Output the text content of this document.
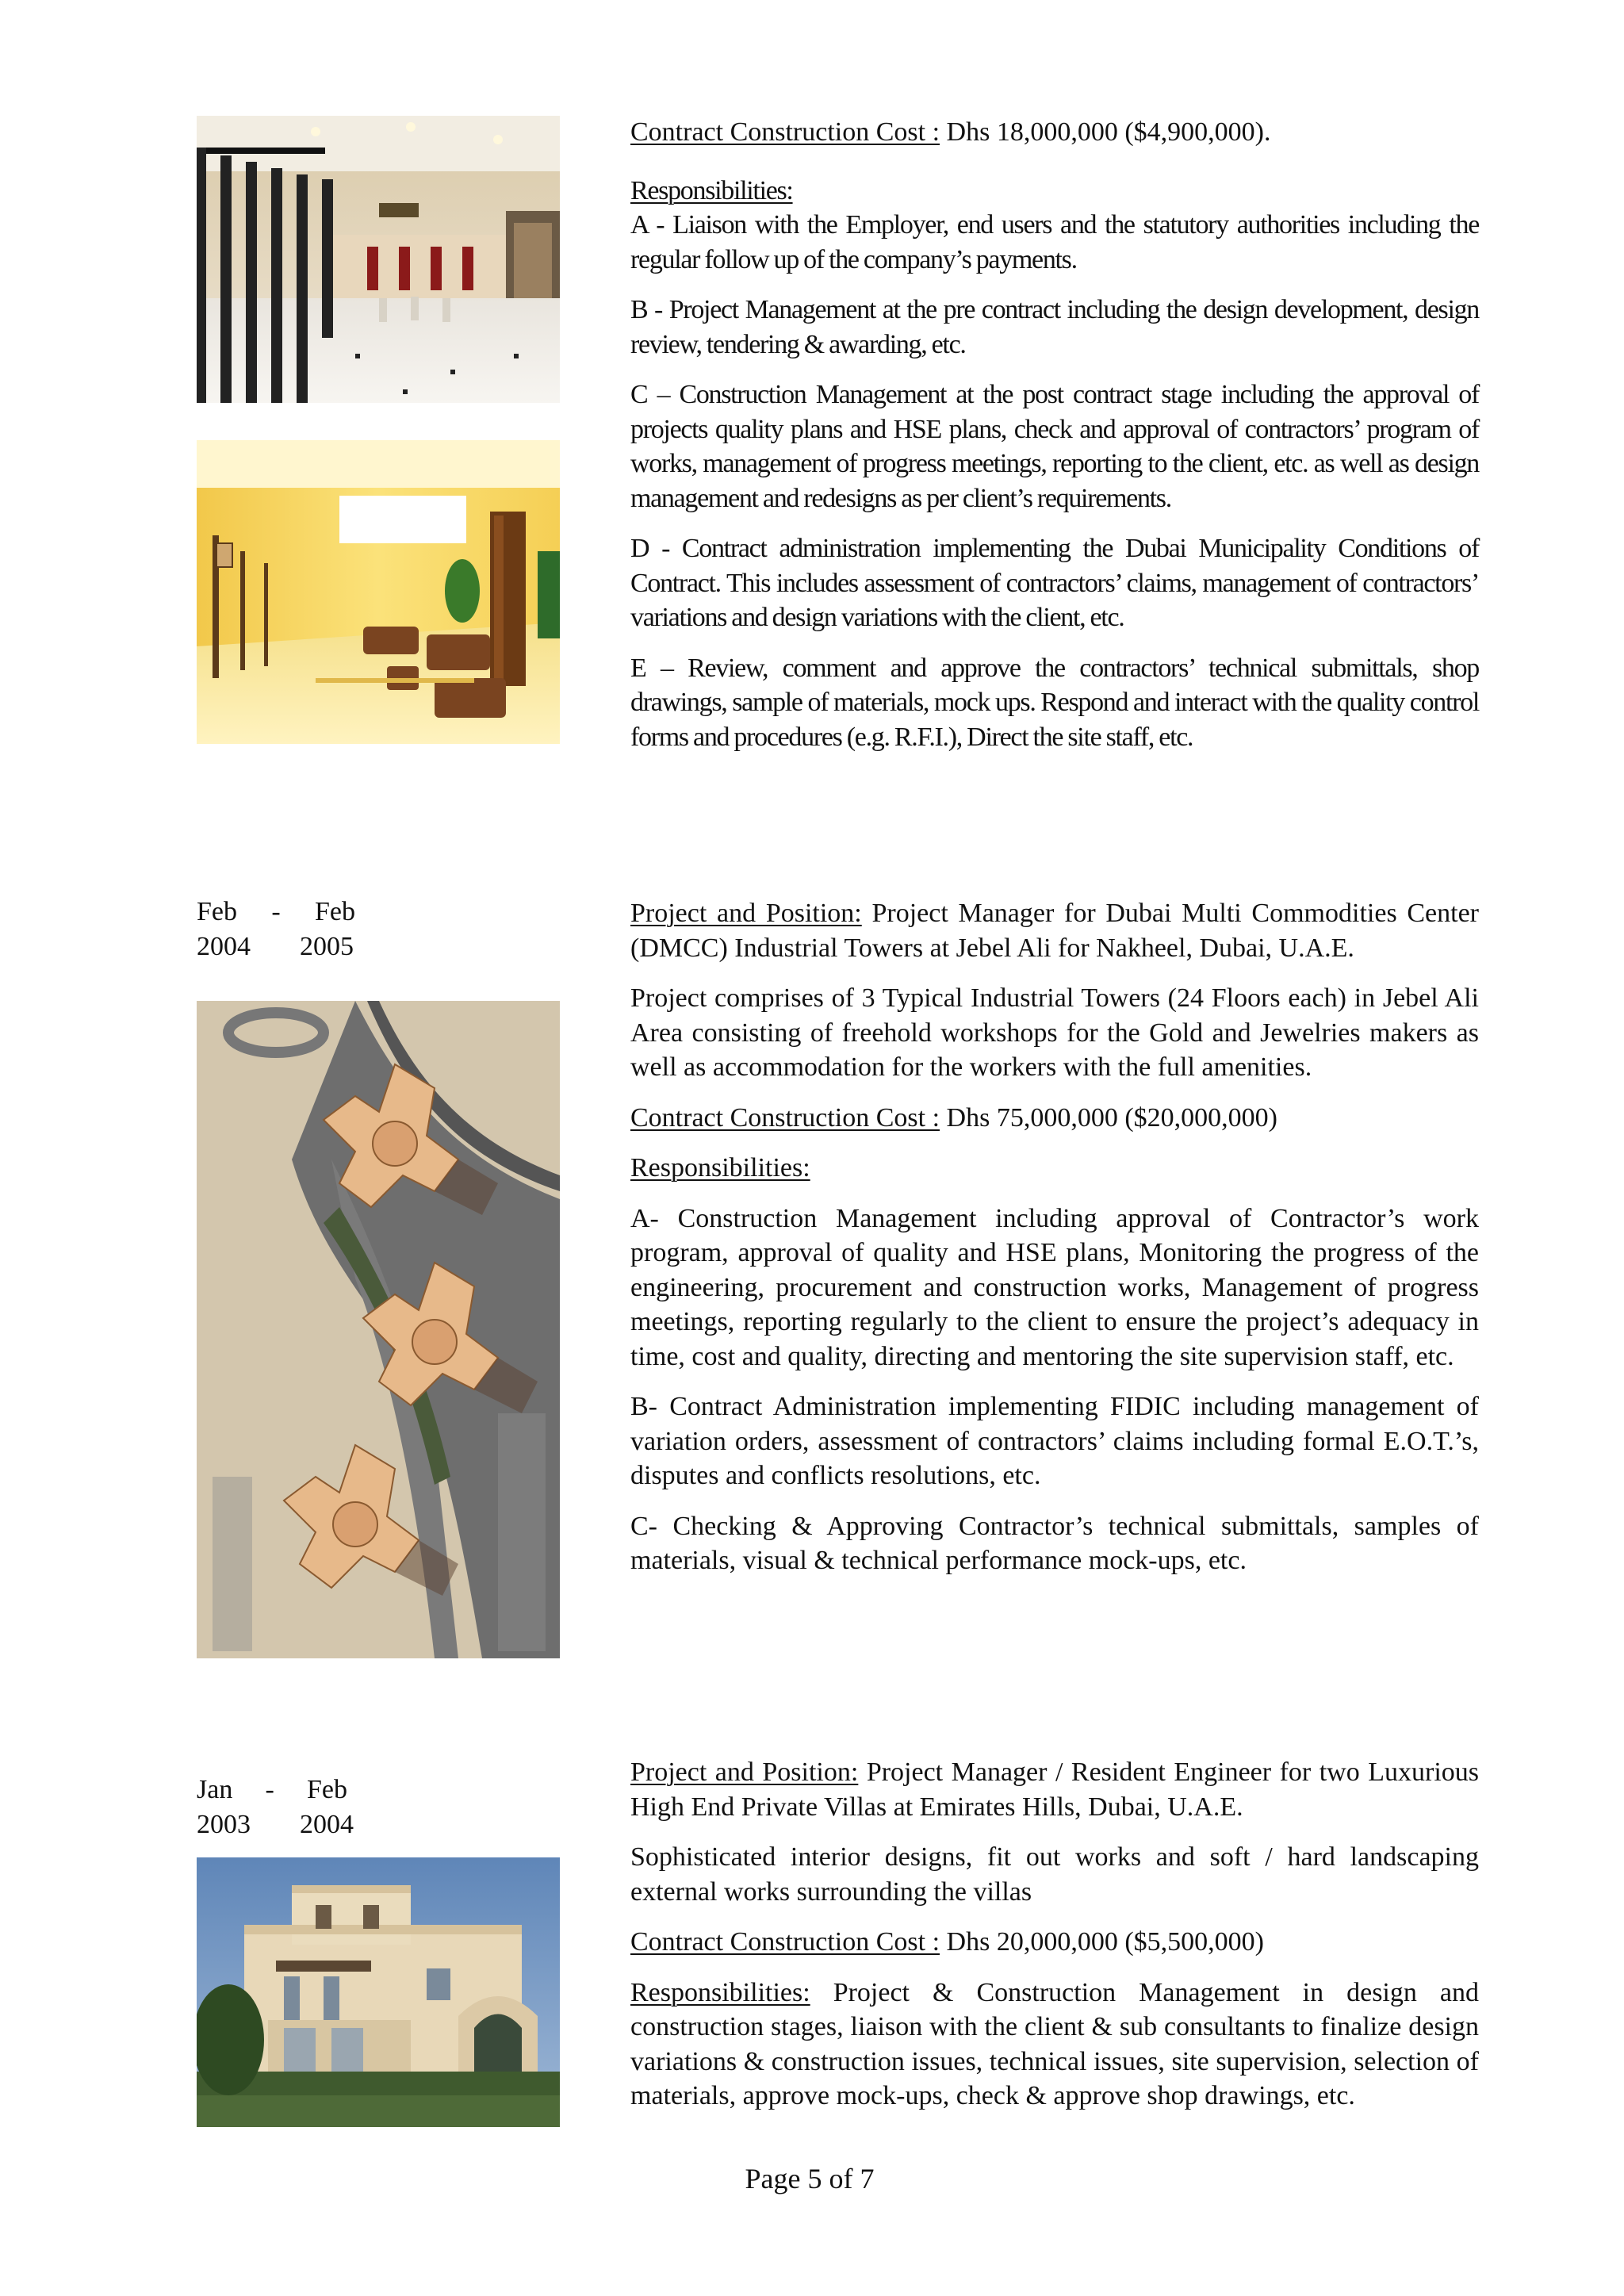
Contract Construction Cost : Dhs 18,000,000 ($4,900,000).

Responsibilities:

A - Liaison with the Employer, end users and the statutory authorities including the regular follow up of the company’s payments.

B - Project Management at the pre contract including the design development, design review, tendering & awarding, etc.

C – Construction Management at the post contract stage including the approval of projects quality plans and HSE plans, check and approval of contractors’ program of works, management of progress meetings, reporting to the client, etc. as well as design management and redesigns as per client’s requirements.

D - Contract administration implementing the Dubai Municipality Conditions of Contract. This includes assessment of contractors’ claims, management of contractors’ variations and design variations with the client, etc.

E – Review, comment and approve the contractors’ technical submittals, shop drawings, sample of materials, mock ups. Respond and interact with the quality control forms and procedures (e.g. R.F.I.), Direct the site staff, etc.

Feb - Feb
2004 2005

Project and Position: Project Manager for Dubai Multi Commodities Center (DMCC) Industrial Towers at Jebel Ali for Nakheel, Dubai, U.A.E.

Project comprises of 3 Typical Industrial Towers (24 Floors each) in Jebel Ali Area consisting of freehold workshops for the Gold and Jewelries makers as well as accommodation for the workers with the full amenities.

Contract Construction Cost : Dhs 75,000,000 ($20,000,000)

Responsibilities:

A- Construction Management including approval of Contractor’s work program, approval of quality and HSE plans, Monitoring the progress of the engineering, procurement and construction works, Management of progress meetings, reporting regularly to the client to ensure the project’s adequacy in time, cost and quality, directing and mentoring the site supervision staff, etc.

B- Contract Administration implementing FIDIC including management of variation orders, assessment of contractors’ claims including formal E.O.T.’s, disputes and conflicts resolutions, etc.

C- Checking & Approving Contractor’s technical submittals, samples of materials, visual & technical performance mock-ups, etc.

Jan - Feb
2003 2004

Project and Position: Project Manager / Resident Engineer for two Luxurious High End Private Villas at Emirates Hills, Dubai, U.A.E.

Sophisticated interior designs, fit out works and soft / hard landscaping external works surrounding the villas

Contract Construction Cost : Dhs 20,000,000 ($5,500,000)

Responsibilities: Project & Construction Management in design and construction stages, liaison with the client & sub consultants to finalize design variations & construction issues, technical issues, site supervision, selection of materials, approve mock-ups, check & approve shop drawings, etc.

Page 5 of 7
